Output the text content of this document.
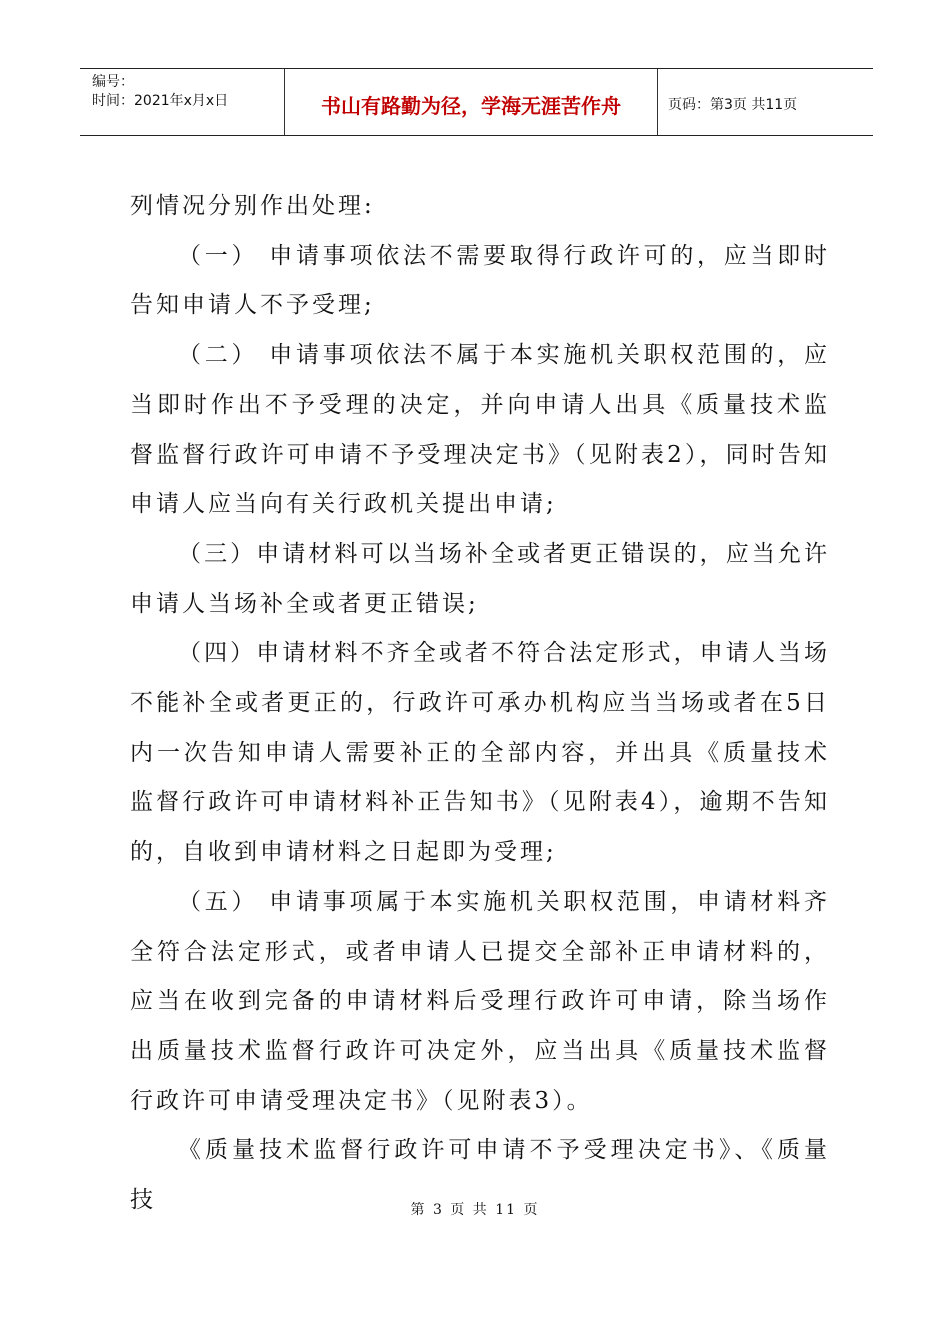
编号：
时间：2021年x月x日	书山有路勤为径，学海无涯苦作舟	页码：第3页 共11页

列情况分别作出处理:

（一） 申请事项依法不需要取得行政许可的，应当即时告知申请人不予受理;

（二） 申请事项依法不属于本实施机关职权范围的，应当即时作出不予受理的决定，并向申请人出具《质量技术监督监督行政许可申请不予受理决定书》（见附表2），同时告知申请人应当向有关行政机关提出申请;

（三）申请材料可以当场补全或者更正错误的，应当允许申请人当场补全或者更正错误;

（四）申请材料不齐全或者不符合法定形式，申请人当场不能补全或者更正的，行政许可承办机构应当当场或者在5日内一次告知申请人需要补正的全部内容，并出具《质量技术监督行政许可申请材料补正告知书》（见附表4），逾期不告知的，自收到申请材料之日起即为受理;

（五） 申请事项属于本实施机关职权范围，申请材料齐全符合法定形式，或者申请人已提交全部补正申请材料的，应当在收到完备的申请材料后受理行政许可申请，除当场作出质量技术监督行政许可决定外，应当出具《质量技术监督行政许可申请受理决定书》（见附表3）。

《质量技术监督行政许可申请不予受理决定书》、《质量技	第 3 页 共 11 页
